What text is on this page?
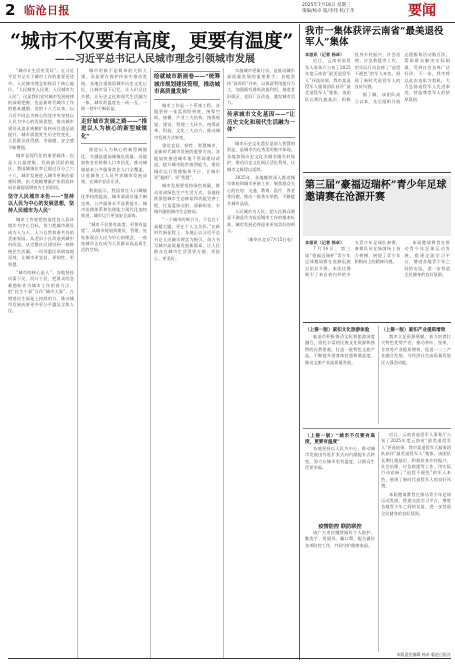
2 临沧日报	2025年7月16日 星期三
策编/杨卓 版/李伟 校/王华	要闻
“城市不仅要有高度，更要有温度”
——习近平总书记人民城市理念引领城市发展

“城市让生活更美好”。在习近平总书记关于城市工作的重要论述中，人民城市理念始终居于核心地位。“人民城市人民建，人民城市为人民”，这是我们党对城市发展规律的深刻把握，也是新时代城市工作的根本遵循。党的十八大以来，以习近平同志为核心的党中央坚持以人民为中心的发展思想，推动城市建设从追求规模扩张转向注重品质提升，城市面貌发生历史性变化，人民群众获得感、幸福感、安全感不断增强。

城市是现代化的重要载体，也是人口最密集、发展最活跃的地区。我国城镇化率已超过百分之六十六，城市发展进入城市更新的重要时期，由大规模增量扩张阶段转向存量提质增效为主的阶段。

坚守人民城市本色——“坚持以人民为中心的发展思想，坚持人民城市为人民”

城市工作要把创造优良人居环境作为中心目标，努力把城市建设成为人与人、人与自然和谐共处的美丽家园。从老旧小区改造到城中村改造，从完整社区建设到一刻钟便民生活圈，一项项惠民举措落地见效，让城市更宜居、更韧性、更智慧。

“城市的核心是人”。各地坚持问需于民、问计于民，把群众的急难愁盼作为城市工作的着力点，把“民生小事”当作“城市大事”，在增进民生福祉上持续用力，推动城市发展成果更多更公平惠及全体人民。

城市更新不是简单的大拆大建，而是要在保护传承中推动发展。各地注重保留城市历史文化记忆，让城市留下记忆，让人们记住乡愁，让历史文化和现代生活融为一体，城市的温度在一砖一瓦、一街一巷中不断彰显。

走好城市发展之路——“推进以人为核心的新型城镇化”

推进以人为核心的新型城镇化，关键是提高城镇化质量。各地加快农业转移人口市民化，推动城镇基本公共服务常住人口全覆盖，让进城务工人员共享城市发展成果，在城市安居乐业。

数据显示，我国常住人口城镇化率持续提高，城市基础设施不断完善，公共服务水平显著提升。城市治理体系和治理能力现代化加快推进，城市运行更加安全高效。

“城市不仅要有高度，更要有温度”。从城市规划到建设、管理，处处体现以人民为中心的理念，一座座城市正在成为人民群众高品质生活的空间。

绘就城市新画卷——“统筹城市规划建设管理，推动城市高质量发展”

城市工作是一个系统工程。各地坚持一张蓝图绘到底，统筹空间、规模、产业三大结构，统筹规划、建设、管理三大环节，统筹改革、科技、文化三大动力，推动城市发展方式转变。

建设宜居、韧性、智慧城市，是新时代城市发展的重要方向。各地加快推进城市地下管网建设改造，提升城市防洪排涝能力，建设城市运行管理服务平台，让城市更“聪明”、更“智慧”。

城市发展要坚持绿色低碳，推动形成绿色生产生活方式。各地持续推进城市生态修复和功能完善工程，打造蓝绿交织、清新明亮、水城共融的城市生态格局。

“一个城市的吸引力，不仅在于高楼大厦，更在于人文关怀。”在新时代新征程上，各地正以习近平总书记人民城市理念为指引，奋力书写城市高质量发展新篇章，让人民群众在城市生活得更方便、更舒心、更美好。

实施城市更新行动，是推动城市高质量发展的重要抓手。各地坚持“留改拆”并举、以保留利用提升为主，加强既有建筑改造利用，推进老旧街区、老旧厂区改造，激发城市活力。

传承城市文化基因——“让历史文化和现代生活融为一体”

城市历史文化遗存是前人智慧的积淀，是城市内在秀美的集中体现。各地加强历史文化名城名镇名村保护，推动历史文化街区活化利用，让城市文脉得以延续。

2025年，各地继续深入推进城市体检和城市更新工作，聚焦群众关心的住房、交通、教育、医疗、养老等问题，推出一批务实举措，不断提升城市品质。

人民城市为人民。把人民群众满意不满意作为检验城市工作的根本标准，城市发展必将迎来更加美好的明天。

（新华社北京7月15日电）

我市一集体获评云南省“最美退役军人”集体
本报讯（记者 杨卓）

近日，云南省退役军人事务厅公布了2025年度云南省“最美退役军人”评选结果，我市某退役军人服务团队获评“最美退役军人”集体。该团队长期扎根基层，积极投身乡村振兴、社会治理、应急救援等工作，用实际行动诠释了“退役不褪色”的军人本色，展现了新时代退役军人的良好风貌。

据了解，该团队成立以来，先后组织开展志愿服务活动数百次，帮助群众解决实际困难，受到社会各界广泛好评。下一步，我市将以此次表彰为契机，大力弘扬退役军人先进事迹，营造尊崇军人的浓厚氛围。

第三届“豪福迈瑞杯”青少年足球邀请赛在沧源开赛
本报讯（记者 杨卓）

7月14日，第三届“豪福迈瑞杯”青少年足球邀请赛在沧源佤族自治县开赛。本次比赛吸引了来自省内外的多支青少年足球队参赛，参赛队员在绿茵场上奋力拼搏，展现了青少年积极向上的精神风貌。

本届邀请赛旨在推动青少年足球运动发展，搭建交流学习平台，增进各地青少年之间的友谊，进一步营造全民健身的良好氛围。

（上接一版）紧扣文化旅游体验

临沧市积极推动文化和旅游深度融合，依托丰富的民族文化资源和独特的自然景观，打造一批特色文旅产品，不断提升游客体验感和满意度，推动文旅产业高质量发展。

（上接一版）紧扣产业提质增效

我市立足资源禀赋，着力培育壮大特色优势产业，推动茶叶、坚果、甘蔗等产业提质增效，促进一二三产业融合发展，为经济社会高质量发展注入强劲动能。

（上接一版）“城市不仅要有高度，更要有温度”

各地坚持以人民为中心，推动城市发展由外延扩张式向内涵提升式转变，努力让城市更有温度，让群众生活更幸福。

疫情防控 联防联控

请广大市民继续做好个人防护，勤洗手、常通风、戴口罩，配合做好各项防控工作，共同守护健康家园。

近日，云南省退役军人事务厅公布了2025年度云南省“最美退役军人”评选结果，我市某退役军人服务团队获评“最美退役军人”集体。该团队长期扎根基层，积极投身乡村振兴、社会治理、应急救援等工作，用实际行动诠释了“退役不褪色”的军人本色，展现了新时代退役军人的良好风貌。

本届邀请赛旨在推动青少年足球运动发展，搭建交流学习平台，增进各地青少年之间的友谊，进一步营造全民健身的良好氛围。

本版责任编辑 杨卓 临沧日报社
